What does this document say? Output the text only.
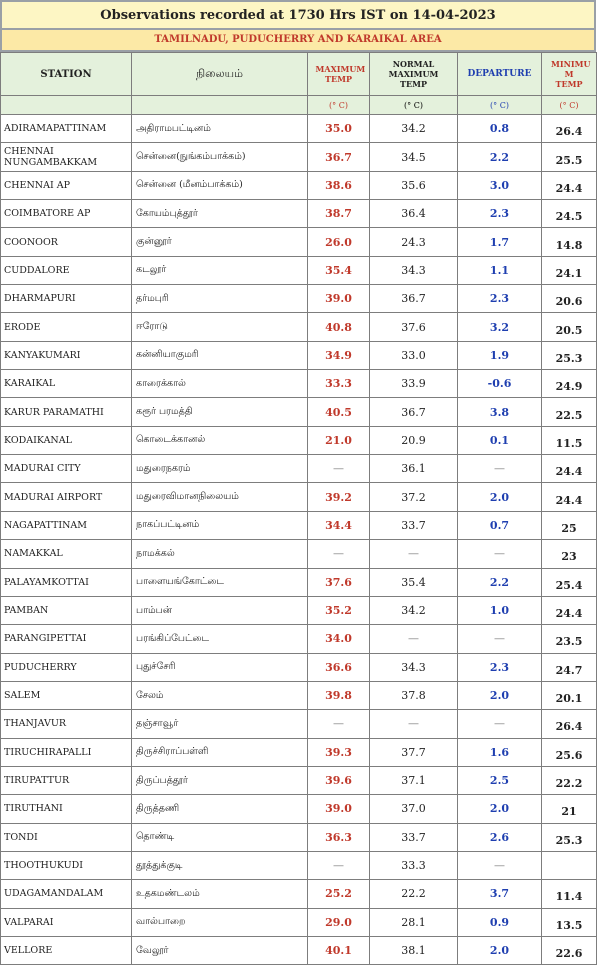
Observations recorded at 1730 Hrs IST on 14-04-2023
TAMILNADU, PUDUCHERRY AND KARAIKAL AREA
STATION	நிலையம்	MAXIMUM TEMP	NORMAL MAXIMUM TEMP	DEPARTURE	MINIMU M TEMP

		(° C)	(° C)	(° C)	(° C)
ADIRAMAPATTINAM	அதிராமபட்டினம்	35.0	34.2	0.8	26.4
CHENNAI NUNGAMBAKKAM	சென்னை(நுங்கம்பாக்கம்)	36.7	34.5	2.2	25.5
CHENNAI AP	சென்னை (மீனம்பாக்கம்)	38.6	35.6	3.0	24.4
COIMBATORE AP	கோயம்புத்தூர்	38.7	36.4	2.3	24.5
COONOOR	குன்னூர்	26.0	24.3	1.7	14.8
CUDDALORE	கடலூர்	35.4	34.3	1.1	24.1
DHARMAPURI	தர்மபுரி	39.0	36.7	2.3	20.6
ERODE	ஈரோடு	40.8	37.6	3.2	20.5
KANYAKUMARI	கன்னியாகுமரி	34.9	33.0	1.9	25.3
KARAIKAL	காரைக்கால்	33.3	33.9	-0.6	24.9
KARUR PARAMATHI	கரூர் பரமத்தி	40.5	36.7	3.8	22.5
KODAIKANAL	கொடைக்கானல்	21.0	20.9	0.1	11.5
MADURAI CITY	மதுரைநகரம்	—	36.1	—	24.4
MADURAI AIRPORT	மதுரைவிமானநிலையம்	39.2	37.2	2.0	24.4
NAGAPATTINAM	நாகப்பட்டினம்	34.4	33.7	0.7	25
NAMAKKAL	நாமக்கல்	—	—	—	23
PALAYAMKOTTAI	பாளையங்கோட்டை	37.6	35.4	2.2	25.4
PAMBAN	பாம்பன்	35.2	34.2	1.0	24.4
PARANGIPETTAI	பரங்கிப்பேட்டை	34.0	—	—	23.5
PUDUCHERRY	புதுச்சேரி	36.6	34.3	2.3	24.7
SALEM	சேலம்	39.8	37.8	2.0	20.1
THANJAVUR	தஞ்சாவூர்	—	—	—	26.4
TIRUCHIRAPALLI	திருச்சிராப்பள்ளி	39.3	37.7	1.6	25.6
TIRUPATTUR	திருப்பத்தூர்	39.6	37.1	2.5	22.2
TIRUTHANI	திருத்தணி	39.0	37.0	2.0	21
TONDI	தொண்டி	36.3	33.7	2.6	25.3
THOOTHUKUDI	தூத்துக்குடி	—	33.3	—	
UDAGAMANDALAM	உதகமண்டலம்	25.2	22.2	3.7	11.4
VALPARAI	வால்பாறை	29.0	28.1	0.9	13.5
VELLORE	வேலூர்	40.1	38.1	2.0	22.6
